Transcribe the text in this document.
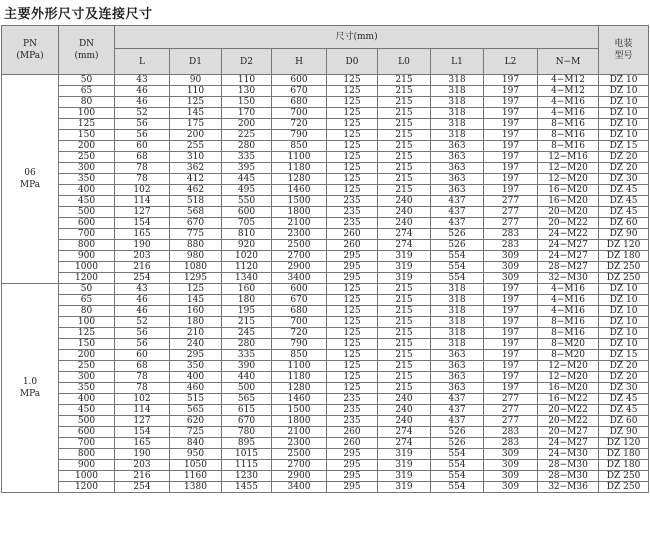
主要外形尺寸及连接尺寸
PN
(MPa)	DN
(mm)	尺寸(mm)									电装
型号
		L	D1	D2	H	D0	L0	L1	L2	N−M	
06
MPa	50	43	90	110	600	125	215	318	197	4−M12	DZ 10
	65	46	110	130	670	125	215	318	197	4−M12	DZ 10
	80	46	125	150	680	125	215	318	197	4−M16	DZ 10
	100	52	145	170	700	125	215	318	197	4−M16	DZ 10
	125	56	175	200	720	125	215	318	197	8−M16	DZ 10
	150	56	200	225	790	125	215	318	197	8−M16	DZ 10
	200	60	255	280	850	125	215	363	197	8−M16	DZ 15
	250	68	310	335	1100	125	215	363	197	12−M16	DZ 20
	300	78	362	395	1180	125	215	363	197	12−M20	DZ 20
	350	78	412	445	1280	125	215	363	197	12−M20	DZ 30
	400	102	462	495	1460	125	215	363	197	16−M20	DZ 45
	450	114	518	550	1500	235	240	437	277	16−M20	DZ 45
	500	127	568	600	1800	235	240	437	277	20−M20	DZ 45
	600	154	670	705	2100	235	240	437	277	20−M22	DZ 60
	700	165	775	810	2300	260	274	526	283	24−M22	DZ 90
	800	190	880	920	2500	260	274	526	283	24−M27	DZ 120
	900	203	980	1020	2700	295	319	554	309	24−M27	DZ 180
	1000	216	1080	1120	2900	295	319	554	309	28−M27	DZ 250
	1200	254	1295	1340	3400	295	319	554	309	32−M30	DZ 250
1.0
MPa	50	43	125	160	600	125	215	318	197	4−M16	DZ 10
	65	46	145	180	670	125	215	318	197	4−M16	DZ 10
	80	46	160	195	680	125	215	318	197	4−M16	DZ 10
	100	52	180	215	700	125	215	318	197	8−M16	DZ 10
	125	56	210	245	720	125	215	318	197	8−M16	DZ 10
	150	56	240	280	790	125	215	318	197	8−M20	DZ 10
	200	60	295	335	850	125	215	363	197	8−M20	DZ 15
	250	68	350	390	1100	125	215	363	197	12−M20	DZ 20
	300	78	400	440	1180	125	215	363	197	12−M20	DZ 20
	350	78	460	500	1280	125	215	363	197	16−M20	DZ 30
	400	102	515	565	1460	235	240	437	277	16−M22	DZ 45
	450	114	565	615	1500	235	240	437	277	20−M22	DZ 45
	500	127	620	670	1800	235	240	437	277	20−M22	DZ 60
	600	154	725	780	2100	260	274	526	283	20−M27	DZ 90
	700	165	840	895	2300	260	274	526	283	24−M27	DZ 120
	800	190	950	1015	2500	295	319	554	309	24−M30	DZ 180
	900	203	1050	1115	2700	295	319	554	309	28−M30	DZ 180
	1000	216	1160	1230	2900	295	319	554	309	28−M30	DZ 250
	1200	254	1380	1455	3400	295	319	554	309	32−M36	DZ 250
